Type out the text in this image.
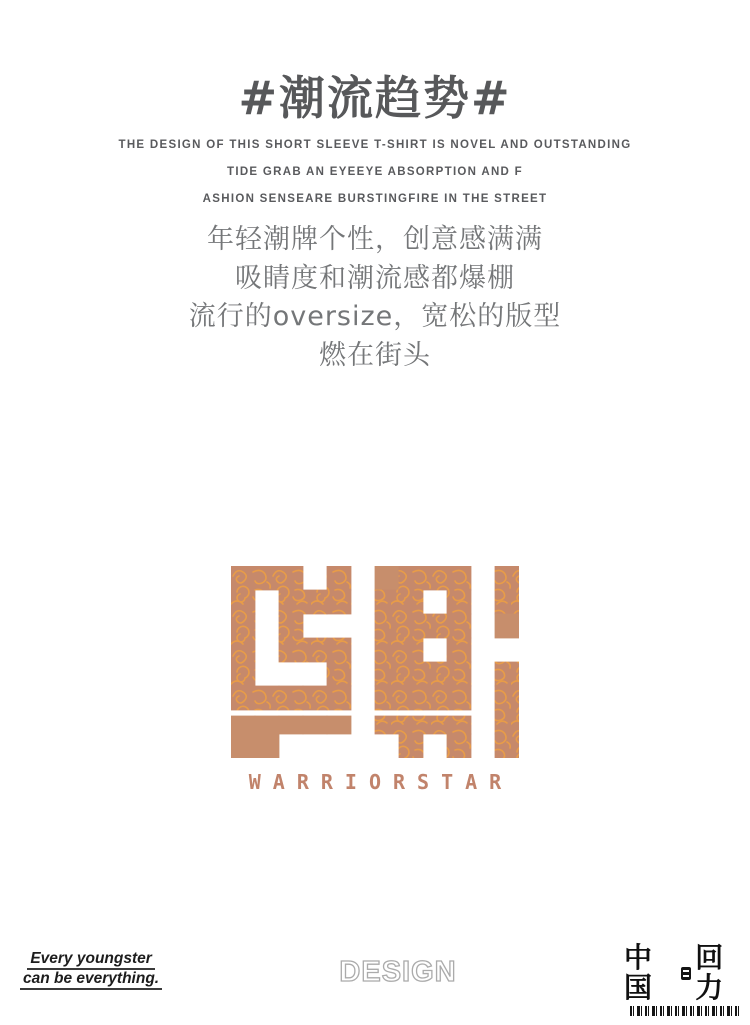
#潮流趋势#
THE DESIGN OF THIS SHORT SLEEVE T-SHIRT IS NOVEL AND OUTSTANDING
TIDE GRAB AN EYEEYE ABSORPTION AND F
ASHION SENSEARE BURSTINGFIRE IN THE STREET
年轻潮牌个性，创意感满满
吸睛度和潮流感都爆棚
流行的oversize，宽松的版型
燃在街头
WARRIORSTAR
Every youngster
can be everything.	DESIGN	中国
回力
